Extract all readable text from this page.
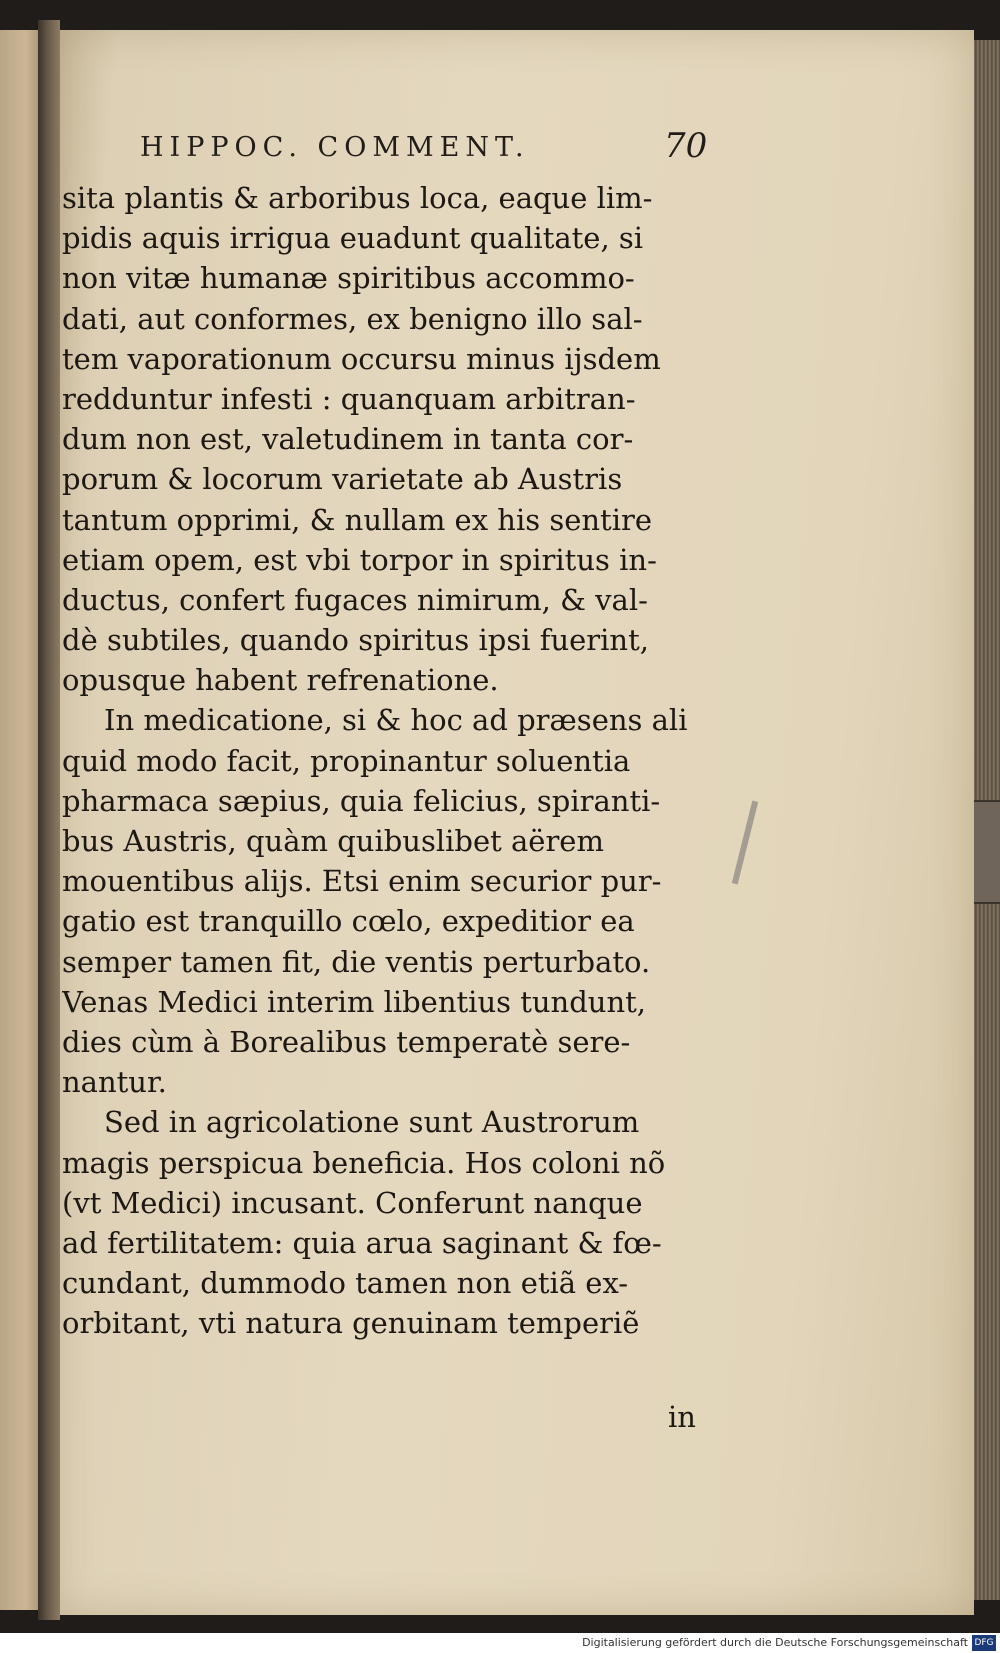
HIPPOC. COMMENT.	70
sita plantis & arboribus loca, eaque lim-
pidis aquis irrigua euadunt qualitate, si
non vitæ humanæ spiritibus accommo-
dati, aut conformes, ex benigno illo sal-
tem vaporationum occursu minus ijsdem
redduntur infesti : quanquam arbitran-
dum non est, valetudinem in tanta cor-
porum & locorum varietate ab Austris
tantum opprimi, & nullam ex his sentire
etiam opem, est vbi torpor in spiritus in-
ductus, confert fugaces nimirum, & val-
dè subtiles, quando spiritus ipsi fuerint,
opusque habent refrenatione.
In medicatione, si & hoc ad præsens ali
quid modo facit, propinantur soluentia
pharmaca sæpius, quia felicius, spiranti-
bus Austris, quàm quibuslibet aërem
mouentibus alijs. Etsi enim securior pur-
gatio est tranquillo cœlo, expeditior ea
semper tamen fit, die ventis perturbato.
Venas Medici interim libentius tundunt,
dies cùm à Borealibus temperatè sere-
nantur.
Sed in agricolatione sunt Austrorum
magis perspicua beneficia. Hos coloni nõ
(vt Medici) incusant. Conferunt nanque
ad fertilitatem: quia arua saginant & fœ-
cundant, dummodo tamen non etiã ex-
orbitant, vti natura genuinam temperiẽ
in
Digitalisierung gefördert durch die Deutsche Forschungsgemeinschaft DFG
